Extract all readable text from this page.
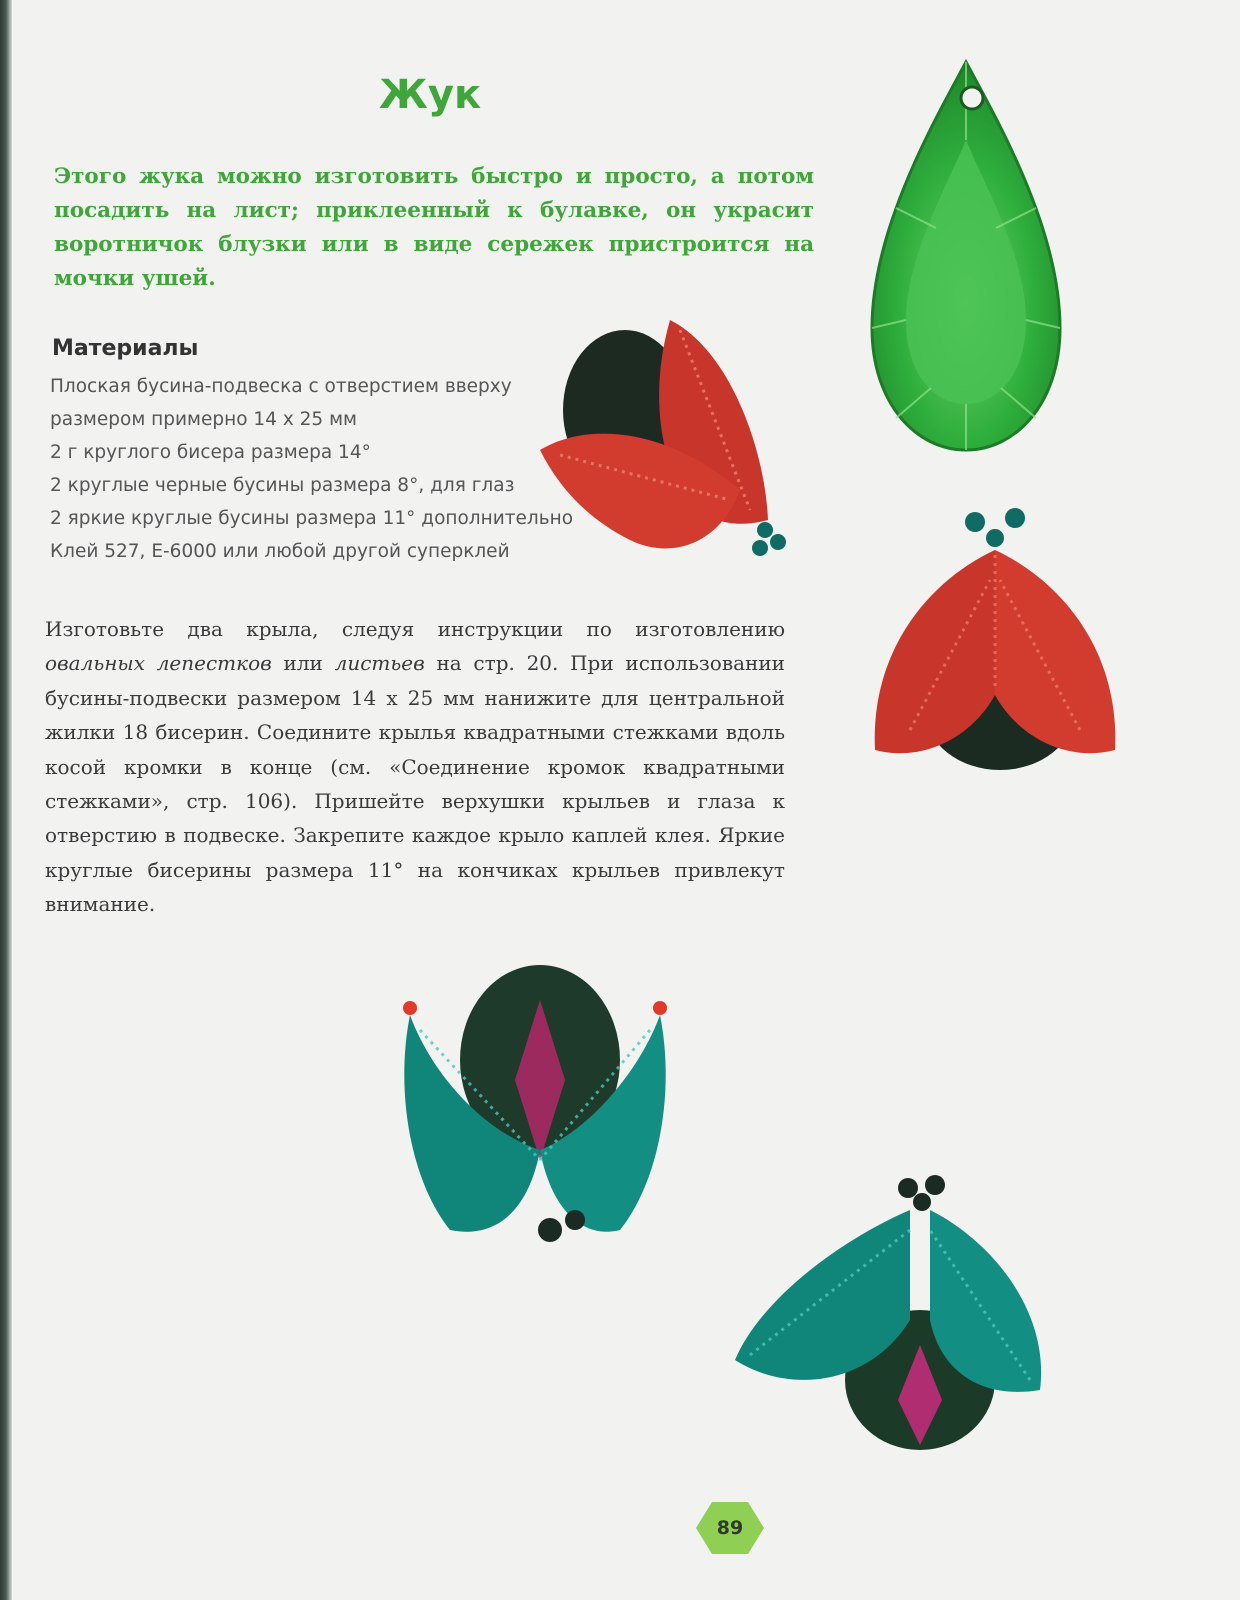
Жук

Этого жука можно изготовить быстро и просто, а потом посадить на лист; приклеенный к булавке, он украсит воротничок блузки или в виде сережек пристроится на мочки ушей.

Материалы
Плоская бусина-подвеска с отверстием вверху
размером примерно 14 х 25 мм
2 г круглого бисера размера 14°
2 круглые черные бусины размера 8°, для глаз
2 яркие круглые бусины размера 11° дополнительно
Клей 527, Е-6000 или любой другой суперклей

Изготовьте два крыла, следуя инструкции по изготовлению овальных лепестков или листьев на стр. 20. При использовании бусины-подвески размером 14 х 25 мм нанижите для центральной жилки 18 бисерин. Соедините крылья квадратными стежками вдоль косой кромки в конце (см. «Соединение кромок квадратными стежками», стр. 106). Пришейте верхушки крыльев и глаза к отверстию в подвеске. Закрепите каждое крыло каплей клея. Яркие круглые бисерины размера 11° на кончиках крыльев привлекут внимание.

89
